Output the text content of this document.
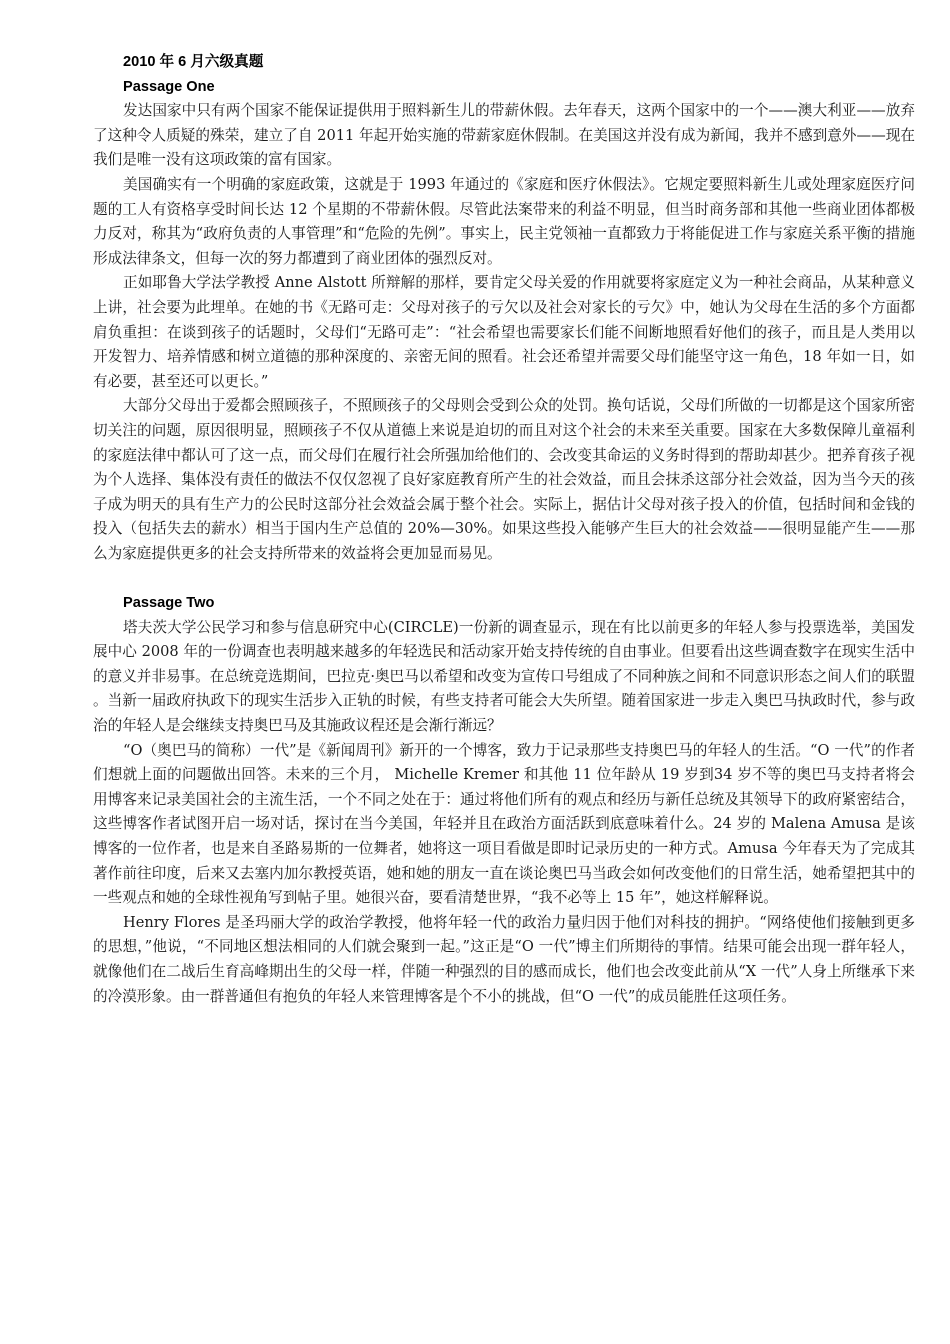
2010 年 6 月六级真题
Passage One

发达国家中只有两个国家不能保证提供用于照料新生儿的带薪休假。去年春天，这两个国家中的一个——澳大利亚——放弃了这种令人质疑的殊荣，建立了自 2011 年起开始实施的带薪家庭休假制。在美国这并没有成为新闻，我并不感到意外——现在我们是唯一没有这项政策的富有国家。

美国确实有一个明确的家庭政策，这就是于 1993 年通过的《家庭和医疗休假法》。它规定要照料新生儿或处理家庭医疗问题的工人有资格享受时间长达 12 个星期的不带薪休假。尽管此法案带来的利益不明显，但当时商务部和其他一些商业团体都极力反对，称其为“政府负责的人事管理”和“危险的先例”。事实上，民主党领袖一直都致力于将能促进工作与家庭关系平衡的措施形成法律条文，但每一次的努力都遭到了商业团体的强烈反对。

正如耶鲁大学法学教授 Anne Alstott 所辩解的那样，要肯定父母关爱的作用就要将家庭定义为一种社会商品，从某种意义上讲，社会要为此埋单。在她的书《无路可走：父母对孩子的亏欠以及社会对家长的亏欠》中，她认为父母在生活的多个方面都肩负重担：在谈到孩子的话题时，父母们“无路可走”：“社会希望也需要家长们能不间断地照看好他们的孩子，而且是人类用以开发智力、培养情感和树立道德的那种深度的、亲密无间的照看。社会还希望并需要父母们能坚守这一角色，18 年如一日，如有必要，甚至还可以更长。”

大部分父母出于爱都会照顾孩子，不照顾孩子的父母则会受到公众的处罚。换句话说，父母们所做的一切都是这个国家所密切关注的问题，原因很明显，照顾孩子不仅从道德上来说是迫切的而且对这个社会的未来至关重要。国家在大多数保障儿童福利的家庭法律中都认可了这一点，而父母们在履行社会所强加给他们的、会改变其命运的义务时得到的帮助却甚少。把养育孩子视为个人选择、集体没有责任的做法不仅仅忽视了良好家庭教育所产生的社会效益，而且会抹杀这部分社会效益，因为当今天的孩子成为明天的具有生产力的公民时这部分社会效益会属于整个社会。实际上，据估计父母对孩子投入的价值，包括时间和金钱的投入（包括失去的薪水）相当于国内生产总值的 20%—30%。如果这些投入能够产生巨大的社会效益——很明显能产生——那么为家庭提供更多的社会支持所带来的效益将会更加显而易见。

Passage Two

塔夫茨大学公民学习和参与信息研究中心(CIRCLE)一份新的调查显示，现在有比以前更多的年轻人参与投票选举，美国发展中心 2008 年的一份调查也表明越来越多的年轻选民和活动家开始支持传统的自由事业。但要看出这些调查数字在现实生活中的意义并非易事。在总统竞选期间，巴拉克·奥巴马以希望和改变为宣传口号组成了不同种族之间和不同意识形态之间人们的联盟。当新一届政府执政下的现实生活步入正轨的时候，有些支持者可能会大失所望。随着国家进一步走入奥巴马执政时代，参与政治的年轻人是会继续支持奥巴马及其施政议程还是会渐行渐远？

“O（奥巴马的简称）一代”是《新闻周刊》新开的一个博客，致力于记录那些支持奥巴马的年轻人的生活。“O 一代”的作者们想就上面的问题做出回答。未来的三个月， Michelle Kremer 和其他 11 位年龄从 19 岁到34 岁不等的奥巴马支持者将会用博客来记录美国社会的主流生活，一个不同之处在于：通过将他们所有的观点和经历与新任总统及其领导下的政府紧密结合，这些博客作者试图开启一场对话，探讨在当今美国，年轻并且在政治方面活跃到底意味着什么。24 岁的 Malena Amusa 是该博客的一位作者，也是来自圣路易斯的一位舞者，她将这一项目看做是即时记录历史的一种方式。Amusa 今年春天为了完成其著作前往印度，后来又去塞内加尔教授英语，她和她的朋友一直在谈论奥巴马当政会如何改变他们的日常生活，她希望把其中的一些观点和她的全球性视角写到帖子里。她很兴奋，要看清楚世界，“我不必等上 15 年”，她这样解释说。

Henry Flores 是圣玛丽大学的政治学教授，他将年轻一代的政治力量归因于他们对科技的拥护。“网络使他们接触到更多的思想，”他说，“不同地区想法相同的人们就会聚到一起。”这正是“O 一代”博主们所期待的事情。结果可能会出现一群年轻人，就像他们在二战后生育高峰期出生的父母一样，伴随一种强烈的目的感而成长，他们也会改变此前从“X 一代”人身上所继承下来的冷漠形象。由一群普通但有抱负的年轻人来管理博客是个不小的挑战，但“O 一代”的成员能胜任这项任务。
